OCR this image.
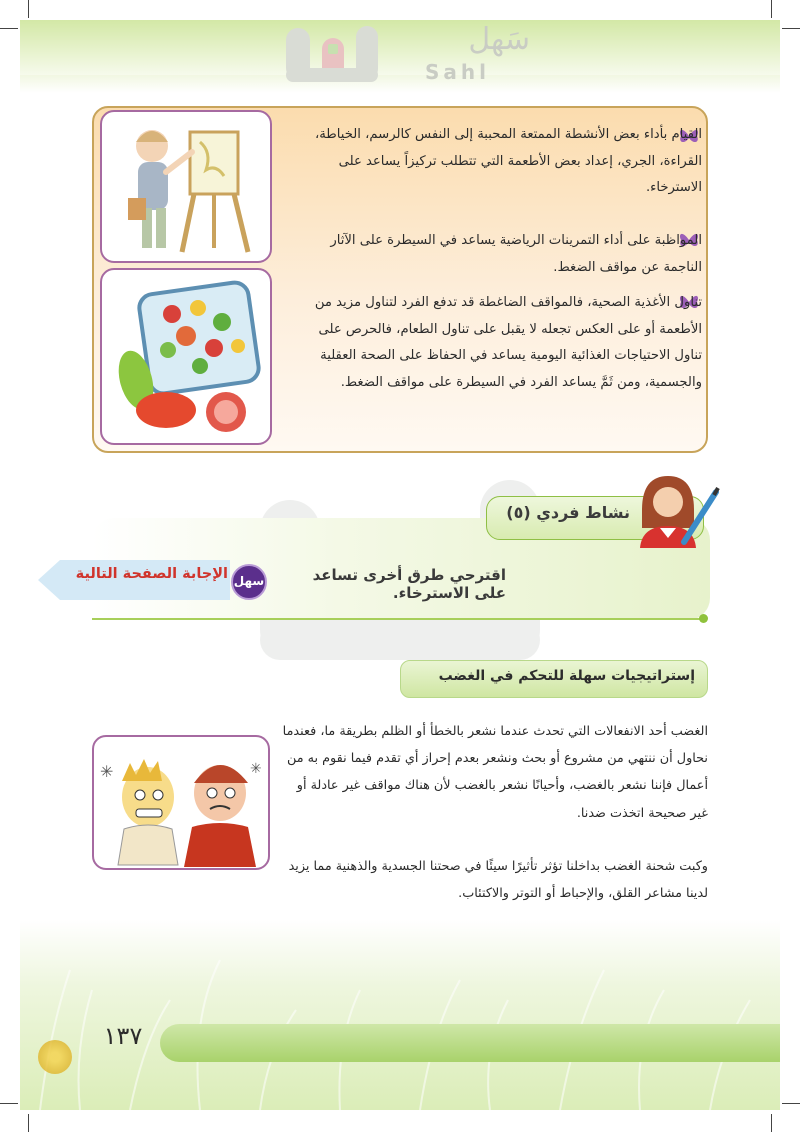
سَهل
Sahl
القيام بأداء بعض الأنشطة الممتعة المحببة إلى النفس كالرسم، الخياطة، القراءة، الجري، إعداد بعض الأطعمة التي تتطلب تركيزاً يساعد على الاسترخاء.
المواظبة على أداء التمرينات الرياضية يساعد في السيطرة على الآثار الناجمة عن مواقف الضغط.
تناول الأغذية الصحية، فالمواقف الضاغطة قد تدفع الفرد لتناول مزيد من الأطعمة أو على العكس تجعله لا يقبل على تناول الطعام، فالحرص على تناول الاحتياجات الغذائية اليومية يساعد في الحفاظ على الصحة العقلية والجسمية، ومن ثَمَّ يساعد الفرد في السيطرة على مواقف الضغط.
نشاط فردي (٥)
اقترحي طرق أخرى تساعد على الاسترخاء.
سهل
الإجابة الصفحة التالية
إستراتيجيات سهلة للتحكم في الغضب
✳	✳
الغضب أحد الانفعالات التي تحدث عندما نشعر بالخطأ أو الظلم بطريقة ما، فعندما نحاول أن ننتهي من مشروع أو بحث ونشعر بعدم إحراز أي تقدم فيما نقوم به من أعمال فإننا نشعر بالغضب، وأحيانًا نشعر بالغضب لأن هناك مواقف غير عادلة أو غير صحيحة اتخذت ضدنا.
وكبت شحنة الغضب بداخلنا تؤثر تأثيرًا سيئًا في صحتنا الجسدية والذهنية مما يزيد لدينا مشاعر القلق، والإحباط أو التوتر والاكتئاب.
١٣٧
